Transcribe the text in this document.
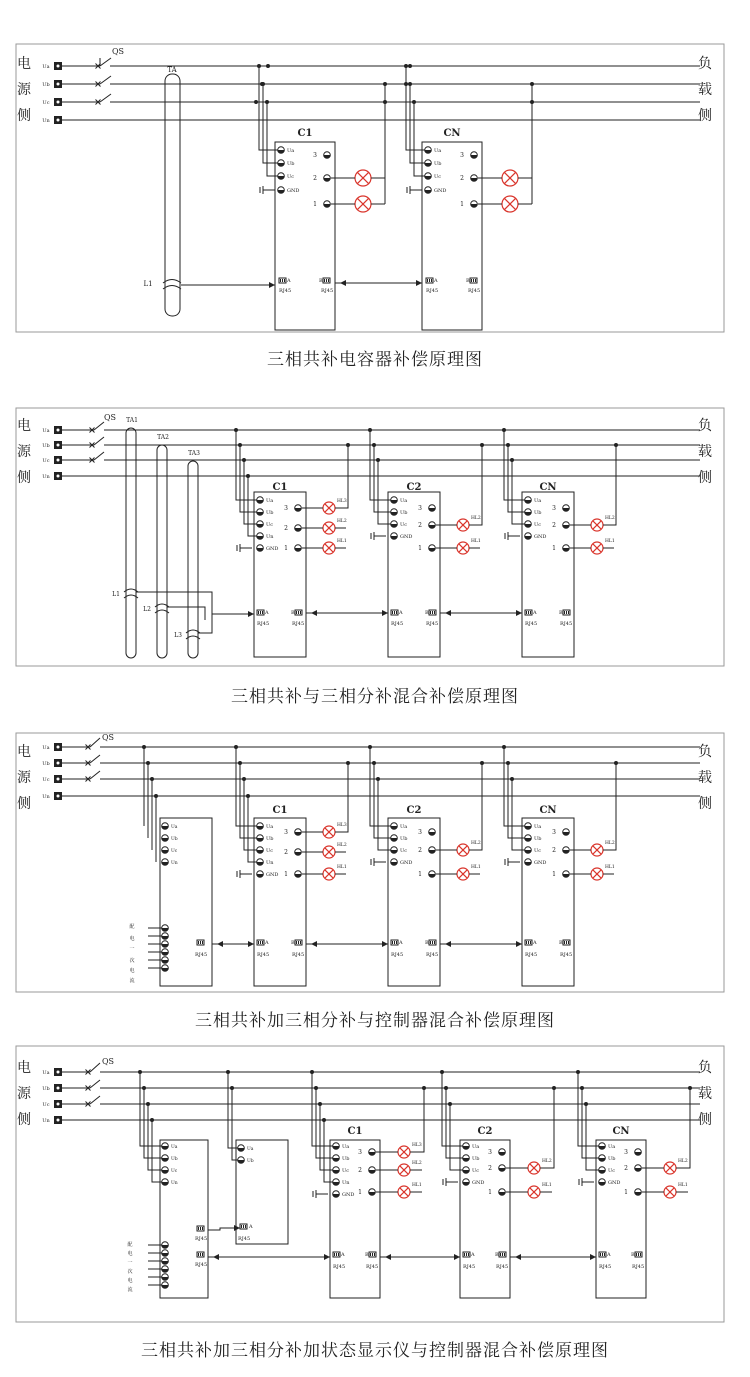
电
源
侧
负
载
侧
Ua
Ub
Uc
Un
QS
TA
L1
C1
Ua
Ub
Uc
GND
3
2
1
A
RJ45
B
RJ45
CN
Ua
Ub
Uc
GND
3
2
1
A
RJ45
B
RJ45
电
源
侧
负
载
侧
Ua
Ub
Uc
Un
QS TA1
L1
TA2
L2
TA3
L3
C1
Ua
Ub
Uc
Un
GND
3
HL3
2
HL2
1
HL1
A
RJ45
B
RJ45
C2
Ua
Ub
Uc
GND
3
2
HL2
1
HL1
A
RJ45
B
RJ45
CN
Ua
Ub
Uc
GND
3
2
HL2
1
HL1
A
RJ45
B
RJ45
电
源
侧
负
载
侧
Ua
Ub
Uc
Un
QS
Ua
Ub
Uc
Un
配
电
一
次
电
流
RJ45
C1
Ua
Ub
Uc
Un
GND
3
HL3
2
HL2
1
HL1
A
RJ45
B
RJ45
C2
Ua
Ub
Uc
GND
3
2
HL2
1
HL1
A
RJ45
B
RJ45
CN
Ua
Ub
Uc
GND
3
2
HL2
1
HL1
A
RJ45
B
RJ45
电
源
侧
负
载
侧
Ua
Ub
Uc
Un
QS
Ua
Ub
Uc
Un
配
电
一
次
电
流
RJ45
RJ45
Ua
Ub
A
RJ45
C1
Ua
Ub
Uc
Un
GND
3
HL3
2
HL2
1
HL1
A
RJ45
B
RJ45
C2
Ua
Ub
Uc
GND
3
2
HL2
1
HL1
A
RJ45
B
RJ45
CN
Ua
Ub
Uc
GND
3
2
HL2
1
HL1
A
RJ45
B
RJ45
三相共补电容器补偿原理图
三相共补与三相分补混合补偿原理图
三相共补加三相分补与控制器混合补偿原理图
三相共补加三相分补加状态显示仪与控制器混合补偿原理图
